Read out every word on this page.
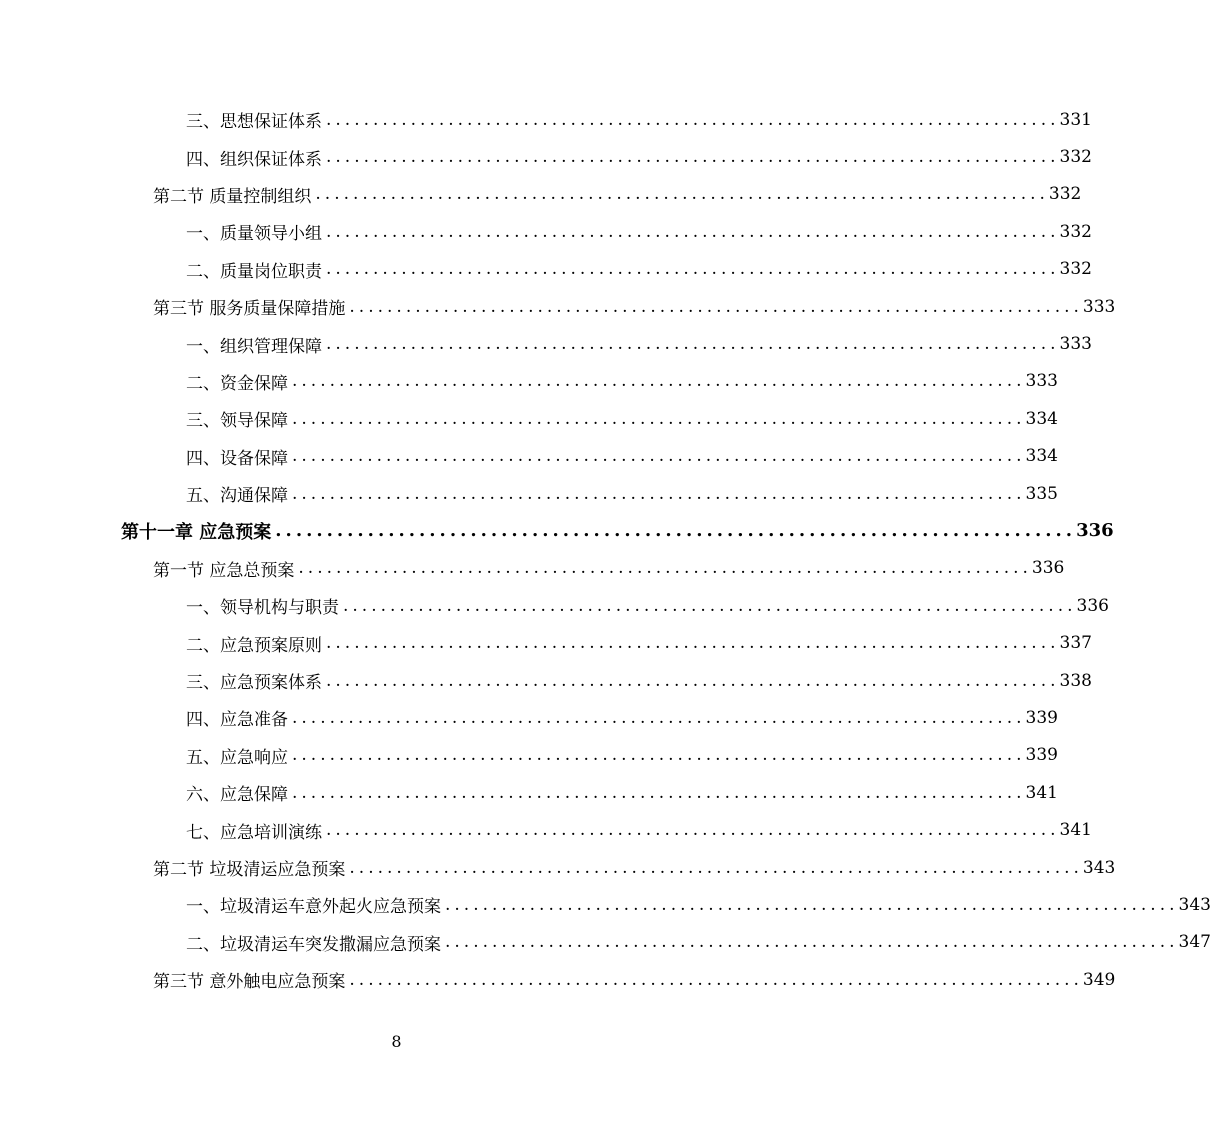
三、思想保证体系 .............................................................................. 331
四、组织保证体系 .............................................................................. 332
第二节 质量控制组织 .............................................................................. 332
一、质量领导小组 .............................................................................. 332
二、质量岗位职责 .............................................................................. 332
第三节 服务质量保障措施 .............................................................................. 333
一、组织管理保障 .............................................................................. 333
二、资金保障 .............................................................................. 333
三、领导保障 .............................................................................. 334
四、设备保障 .............................................................................. 334
五、沟通保障 .............................................................................. 335
第十一章 应急预案 .............................................................................. 336
第一节 应急总预案 .............................................................................. 336
一、领导机构与职责 .............................................................................. 336
二、应急预案原则 .............................................................................. 337
三、应急预案体系 .............................................................................. 338
四、应急准备 .............................................................................. 339
五、应急响应 .............................................................................. 339
六、应急保障 .............................................................................. 341
七、应急培训演练 .............................................................................. 341
第二节 垃圾清运应急预案 .............................................................................. 343
一、垃圾清运车意外起火应急预案 .............................................................................. 343
二、垃圾清运车突发撒漏应急预案 .............................................................................. 347
第三节 意外触电应急预案 .............................................................................. 349
8
